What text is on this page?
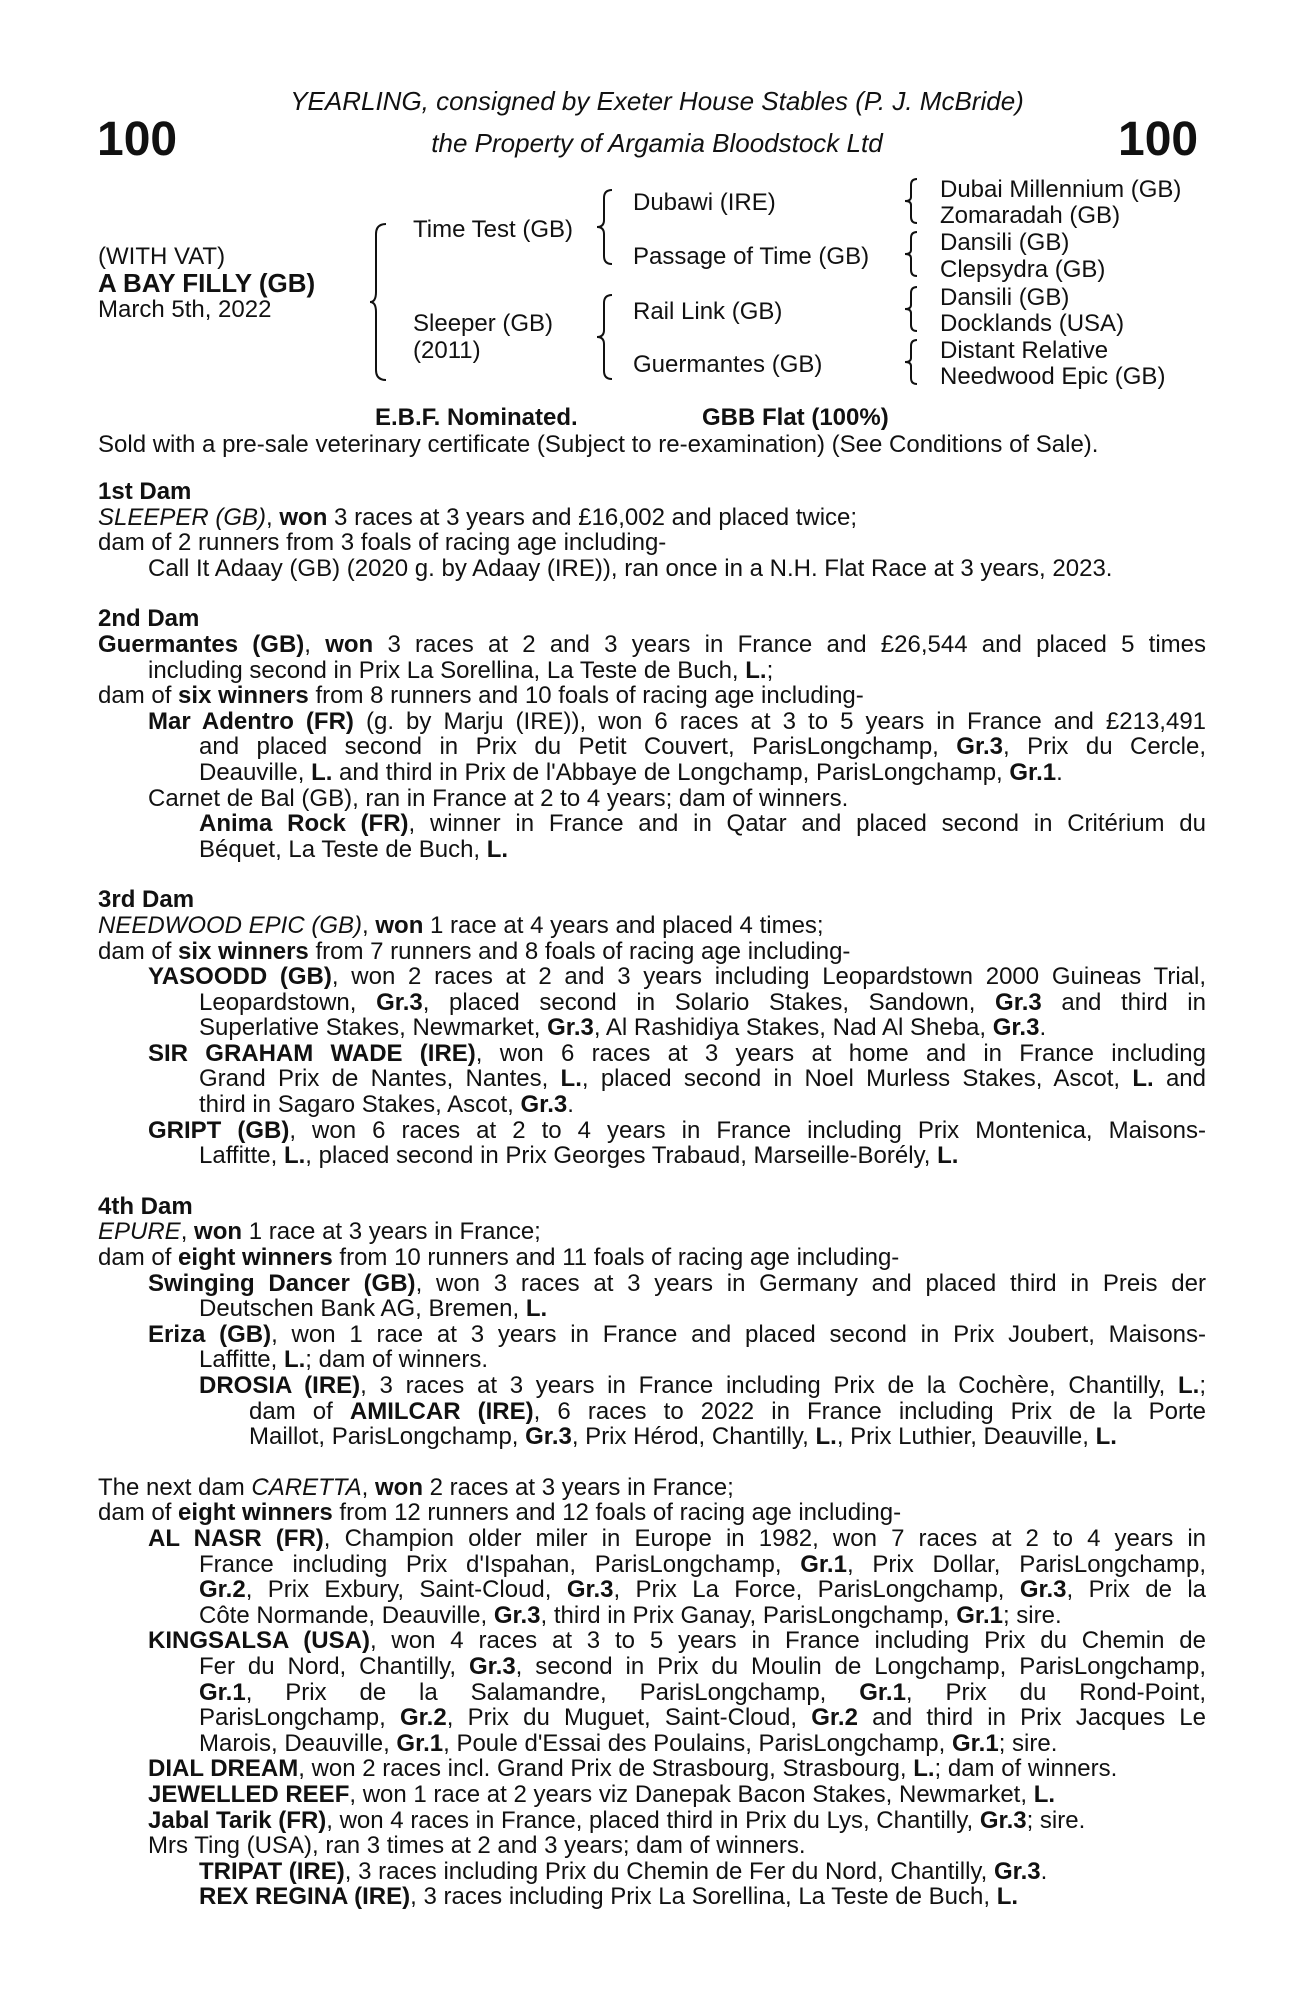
100	100
YEARLING, consigned by Exeter House Stables (P. J. McBride)
the Property of Argamia Bloodstock Ltd
(WITH VAT)
A BAY FILLY (GB)
March 5th, 2022
Time Test (GB)
Sleeper (GB)
(2011)
Dubawi (IRE)
Passage of Time (GB)
Rail Link (GB)
Guermantes (GB)
Dubai Millennium (GB)
Zomaradah (GB)
Dansili (GB)
Clepsydra (GB)
Dansili (GB)
Docklands (USA)
Distant Relative
Needwood Epic (GB)
E.B.F. Nominated.	GBB Flat (100%)
Sold with a pre-sale veterinary certificate (Subject to re-examination) (See Conditions of Sale).
1st Dam
SLEEPER (GB), won 3 races at 3 years and £16,002 and placed twice;
dam of 2 runners from 3 foals of racing age including-
Call It Adaay (GB) (2020 g. by Adaay (IRE)), ran once in a N.H. Flat Race at 3 years, 2023.
2nd Dam
Guermantes (GB), won 3 races at 2 and 3 years in France and £26,544 and placed 5 times
including second in Prix La Sorellina, La Teste de Buch, L.;
dam of six winners from 8 runners and 10 foals of racing age including-
Mar Adentro (FR) (g. by Marju (IRE)), won 6 races at 3 to 5 years in France and £213,491
and placed second in Prix du Petit Couvert, ParisLongchamp, Gr.3, Prix du Cercle,
Deauville, L. and third in Prix de l'Abbaye de Longchamp, ParisLongchamp, Gr.1.
Carnet de Bal (GB), ran in France at 2 to 4 years; dam of winners.
Anima Rock (FR), winner in France and in Qatar and placed second in Critérium du
Béquet, La Teste de Buch, L.
3rd Dam
NEEDWOOD EPIC (GB), won 1 race at 4 years and placed 4 times;
dam of six winners from 7 runners and 8 foals of racing age including-
YASOODD (GB), won 2 races at 2 and 3 years including Leopardstown 2000 Guineas Trial,
Leopardstown, Gr.3, placed second in Solario Stakes, Sandown, Gr.3 and third in
Superlative Stakes, Newmarket, Gr.3, Al Rashidiya Stakes, Nad Al Sheba, Gr.3.
SIR GRAHAM WADE (IRE), won 6 races at 3 years at home and in France including
Grand Prix de Nantes, Nantes, L., placed second in Noel Murless Stakes, Ascot, L. and
third in Sagaro Stakes, Ascot, Gr.3.
GRIPT (GB), won 6 races at 2 to 4 years in France including Prix Montenica, Maisons-
Laffitte, L., placed second in Prix Georges Trabaud, Marseille-Borély, L.
4th Dam
EPURE, won 1 race at 3 years in France;
dam of eight winners from 10 runners and 11 foals of racing age including-
Swinging Dancer (GB), won 3 races at 3 years in Germany and placed third in Preis der
Deutschen Bank AG, Bremen, L.
Eriza (GB), won 1 race at 3 years in France and placed second in Prix Joubert, Maisons-
Laffitte, L.; dam of winners.
DROSIA (IRE), 3 races at 3 years in France including Prix de la Cochère, Chantilly, L.;
dam of AMILCAR (IRE), 6 races to 2022 in France including Prix de la Porte
Maillot, ParisLongchamp, Gr.3, Prix Hérod, Chantilly, L., Prix Luthier, Deauville, L.
The next dam CARETTA, won 2 races at 3 years in France;
dam of eight winners from 12 runners and 12 foals of racing age including-
AL NASR (FR), Champion older miler in Europe in 1982, won 7 races at 2 to 4 years in
France including Prix d'Ispahan, ParisLongchamp, Gr.1, Prix Dollar, ParisLongchamp,
Gr.2, Prix Exbury, Saint-Cloud, Gr.3, Prix La Force, ParisLongchamp, Gr.3, Prix de la
Côte Normande, Deauville, Gr.3, third in Prix Ganay, ParisLongchamp, Gr.1; sire.
KINGSALSA (USA), won 4 races at 3 to 5 years in France including Prix du Chemin de
Fer du Nord, Chantilly, Gr.3, second in Prix du Moulin de Longchamp, ParisLongchamp,
Gr.1, Prix de la Salamandre, ParisLongchamp, Gr.1, Prix du Rond-Point,
ParisLongchamp, Gr.2, Prix du Muguet, Saint-Cloud, Gr.2 and third in Prix Jacques Le
Marois, Deauville, Gr.1, Poule d'Essai des Poulains, ParisLongchamp, Gr.1; sire.
DIAL DREAM, won 2 races incl. Grand Prix de Strasbourg, Strasbourg, L.; dam of winners.
JEWELLED REEF, won 1 race at 2 years viz Danepak Bacon Stakes, Newmarket, L.
Jabal Tarik (FR), won 4 races in France, placed third in Prix du Lys, Chantilly, Gr.3; sire.
Mrs Ting (USA), ran 3 times at 2 and 3 years; dam of winners.
TRIPAT (IRE), 3 races including Prix du Chemin de Fer du Nord, Chantilly, Gr.3.
REX REGINA (IRE), 3 races including Prix La Sorellina, La Teste de Buch, L.
